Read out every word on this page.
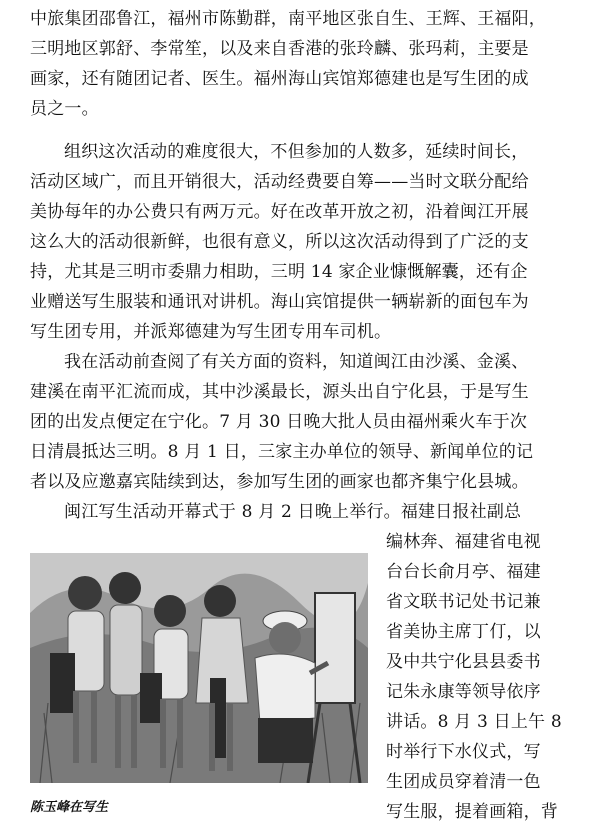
中旅集团邵鲁江，福州市陈勤群，南平地区张自生、王辉、王福阳，
三明地区郭舒、李常笙，以及来自香港的张玲麟、张玛莉，主要是
画家，还有随团记者、医生。福州海山宾馆郑德建也是写生团的成
员之一。
组织这次活动的难度很大，不但参加的人数多，延续时间长，
活动区域广，而且开销很大，活动经费要自筹——当时文联分配给
美协每年的办公费只有两万元。好在改革开放之初，沿着闽江开展
这么大的活动很新鲜，也很有意义，所以这次活动得到了广泛的支
持，尤其是三明市委鼎力相助，三明 14 家企业慷慨解囊，还有企
业赠送写生服装和通讯对讲机。海山宾馆提供一辆崭新的面包车为
写生团专用，并派郑德建为写生团专用车司机。
我在活动前查阅了有关方面的资料，知道闽江由沙溪、金溪、
建溪在南平汇流而成，其中沙溪最长，源头出自宁化县，于是写生
团的出发点便定在宁化。7 月 30 日晚大批人员由福州乘火车于次
日清晨抵达三明。8 月 1 日，三家主办单位的领导、新闻单位的记
者以及应邀嘉宾陆续到达，参加写生团的画家也都齐集宁化县城。
闽江写生活动开幕式于 8 月 2 日晚上举行。福建日报社副总
编林奔、福建省电视
台台长俞月亭、福建
省文联书记处书记兼
省美协主席丁仃，以
及中共宁化县县委书
记朱永康等领导依序
讲话。8 月 3 日上午 8
时举行下水仪式，写
生团成员穿着清一色
写生服，提着画箱，背
陈玉峰在写生
